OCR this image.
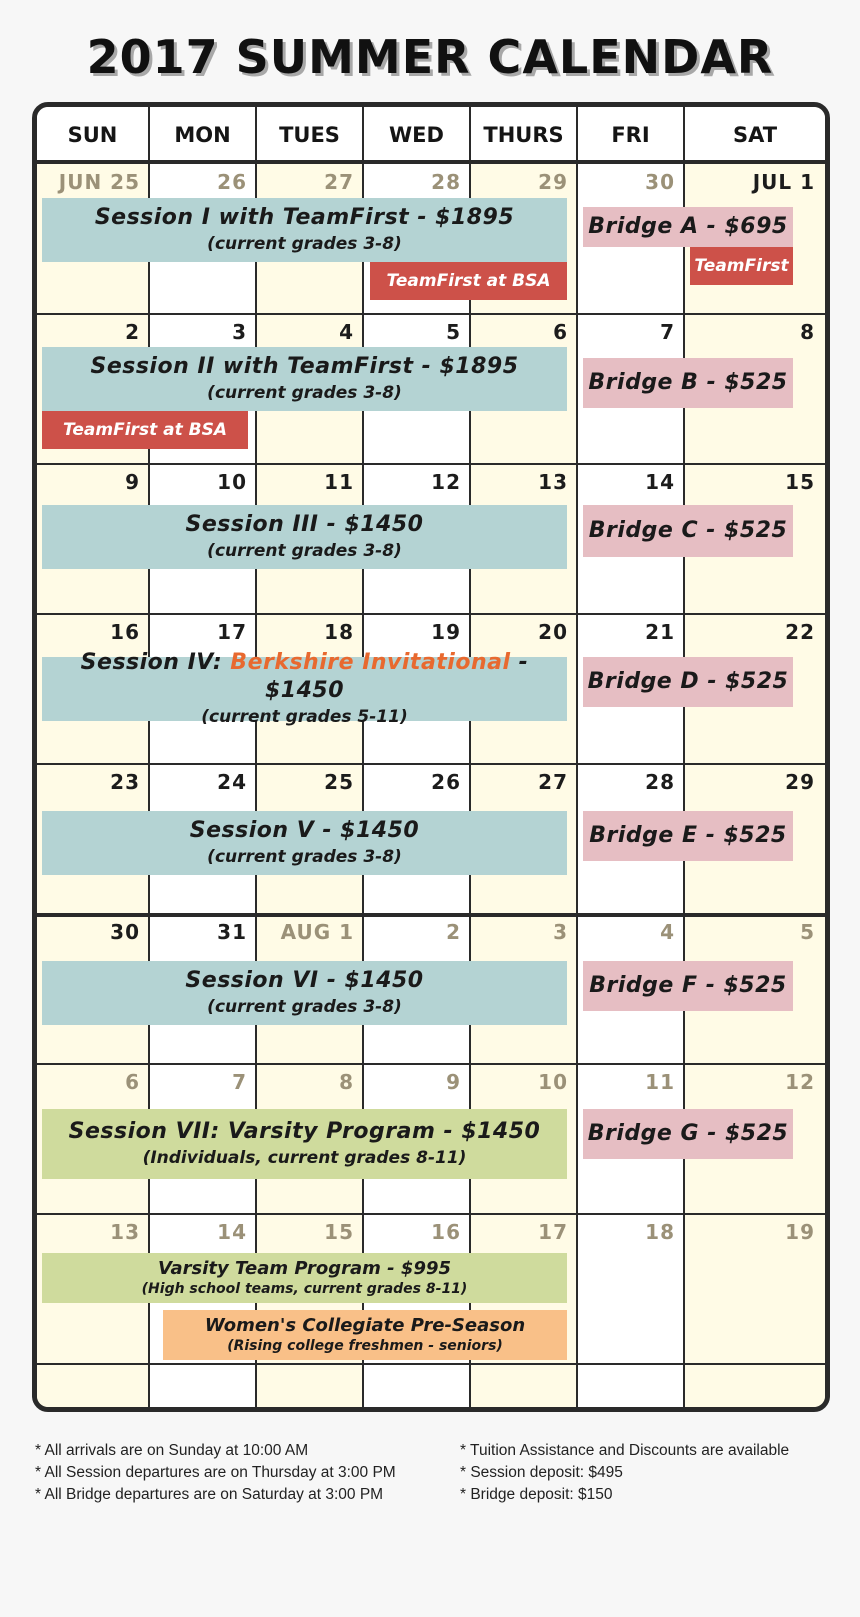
2017 SUMMER CALENDAR
SUN	MON	TUES	WED	THURS	FRI	SAT
JUN 25	26	27	28	29	30	JUL 1
2	3	4	5	6	7	8
9	10	11	12	13	14	15
16	17	18	19	20	21	22
23	24	25	26	27	28	29
30	31	AUG 1	2	3	4	5
6	7	8	9	10	11	12
13	14	15	16	17	18	19
Session I with TeamFirst - $1895
(current grades 3-8)
TeamFirst at BSA
Bridge A - $695
TeamFirst
Session II with TeamFirst - $1895
(current grades 3-8)
TeamFirst at BSA
Bridge B - $525
Session III - $1450
(current grades 3-8)
Bridge C - $525
Session IV: Berkshire Invitational - $1450
(current grades 5-11)
Bridge D - $525
Session V - $1450
(current grades 3-8)
Bridge E - $525
Session VI - $1450
(current grades 3-8)
Bridge F - $525
Session VII: Varsity Program - $1450
(Individuals, current grades 8-11)
Bridge G - $525
Varsity Team Program - $995
(High school teams, current grades 8-11)
Women's Collegiate Pre-Season
(Rising college freshmen - seniors)
* All arrivals are on Sunday at 10:00 AM
* All Session departures are on Thursday at 3:00 PM
* All Bridge departures are on Saturday at 3:00 PM
* Tuition Assistance and Discounts are available
* Session deposit: $495
* Bridge deposit: $150
